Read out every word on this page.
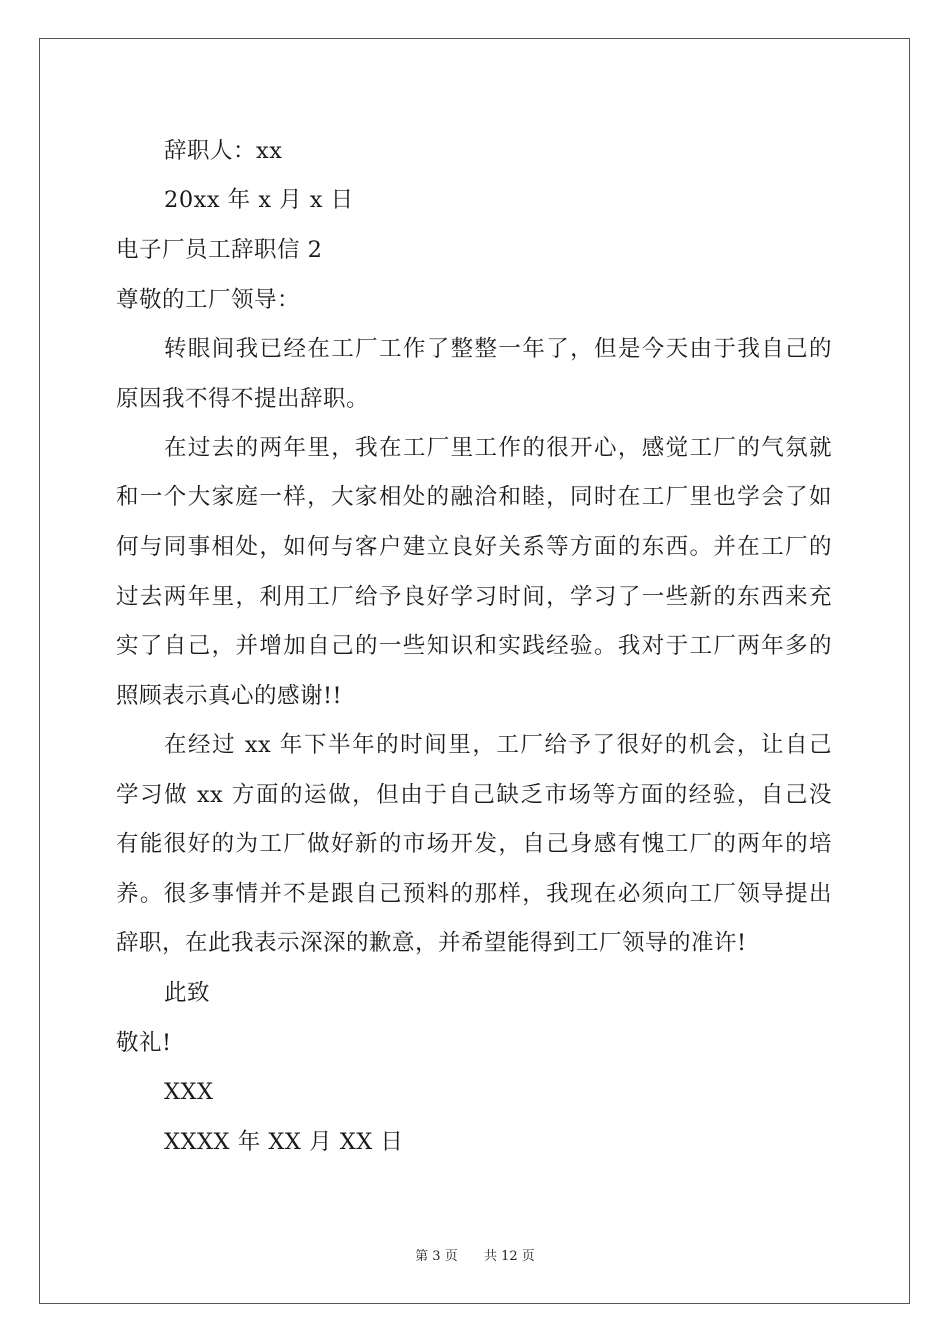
辞职人：xx
20xx 年 x 月 x 日
电子厂员工辞职信 2
尊敬的工厂领导：
转眼间我已经在工厂工作了整整一年了，但是今天由于我自己的
原因我不得不提出辞职。
在过去的两年里，我在工厂里工作的很开心，感觉工厂的气氛就
和一个大家庭一样，大家相处的融洽和睦，同时在工厂里也学会了如
何与同事相处，如何与客户建立良好关系等方面的东西。并在工厂的
过去两年里，利用工厂给予良好学习时间，学习了一些新的东西来充
实了自己，并增加自己的一些知识和实践经验。我对于工厂两年多的
照顾表示真心的感谢!!
在经过 xx 年下半年的时间里，工厂给予了很好的机会，让自己
学习做 xx 方面的运做，但由于自己缺乏市场等方面的经验，自己没
有能很好的为工厂做好新的市场开发，自己身感有愧工厂的两年的培
养。很多事情并不是跟自己预料的那样，我现在必须向工厂领导提出
辞职，在此我表示深深的歉意，并希望能得到工厂领导的准许!
此致
敬礼!
XXX
XXXX 年 XX 月 XX 日
第 3 页 共 12 页
